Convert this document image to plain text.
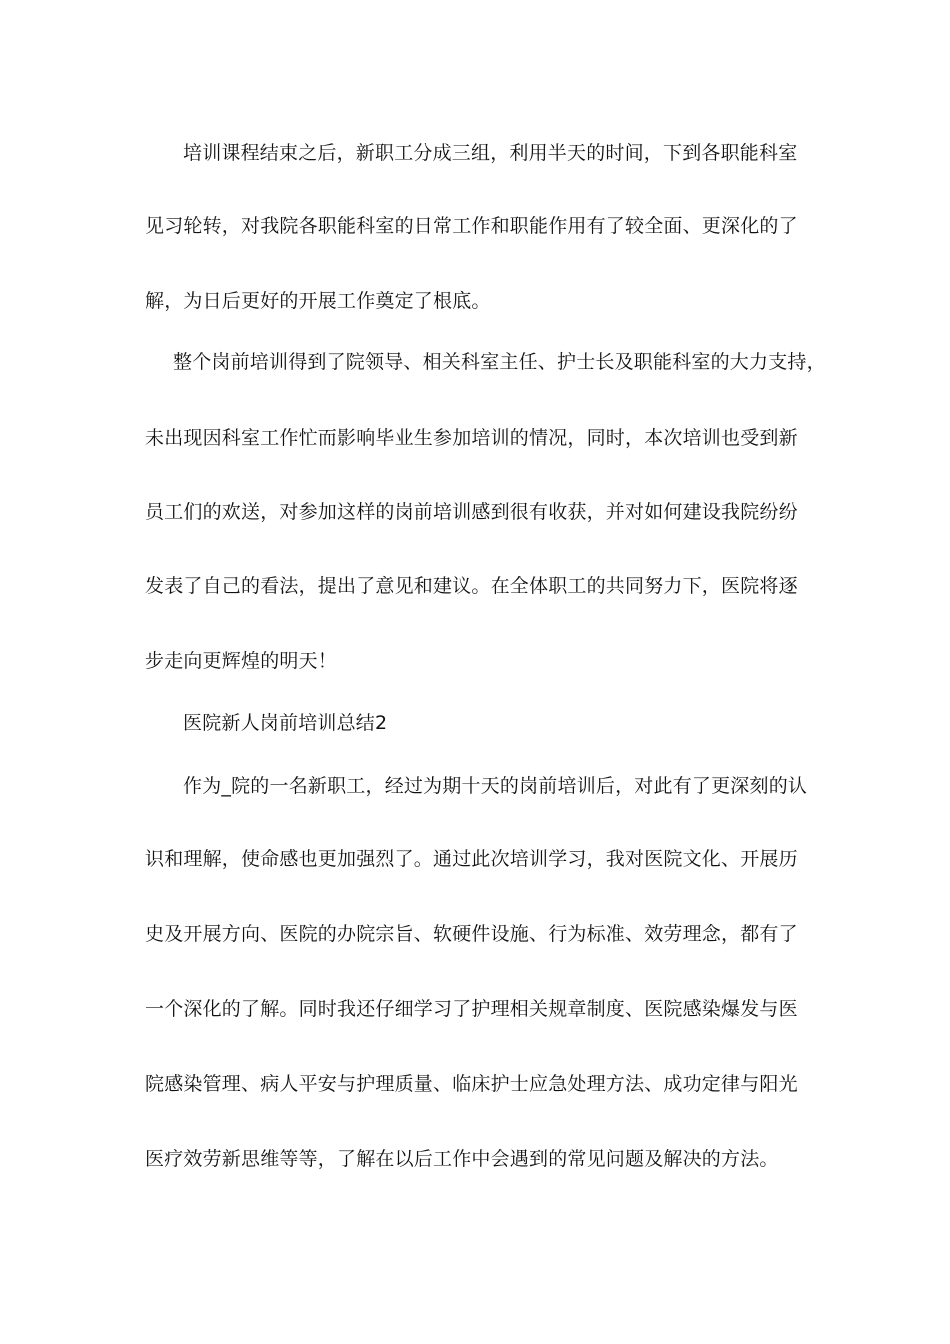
培训课程结束之后，新职工分成三组，利用半天的时间，下到各职能科室
见习轮转，对我院各职能科室的日常工作和职能作用有了较全面、更深化的了
解，为日后更好的开展工作奠定了根底。
整个岗前培训得到了院领导、相关科室主任、护士长及职能科室的大力支持，
未出现因科室工作忙而影响毕业生参加培训的情况，同时，本次培训也受到新
员工们的欢送，对参加这样的岗前培训感到很有收获，并对如何建设我院纷纷
发表了自己的看法，提出了意见和建议。在全体职工的共同努力下，医院将逐
步走向更辉煌的明天！
医院新人岗前培训总结2
作为_院的一名新职工，经过为期十天的岗前培训后，对此有了更深刻的认
识和理解，使命感也更加强烈了。通过此次培训学习，我对医院文化、开展历
史及开展方向、医院的办院宗旨、软硬件设施、行为标准、效劳理念，都有了
一个深化的了解。同时我还仔细学习了护理相关规章制度、医院感染爆发与医
院感染管理、病人平安与护理质量、临床护士应急处理方法、成功定律与阳光
医疗效劳新思维等等，了解在以后工作中会遇到的常见问题及解决的方法。
